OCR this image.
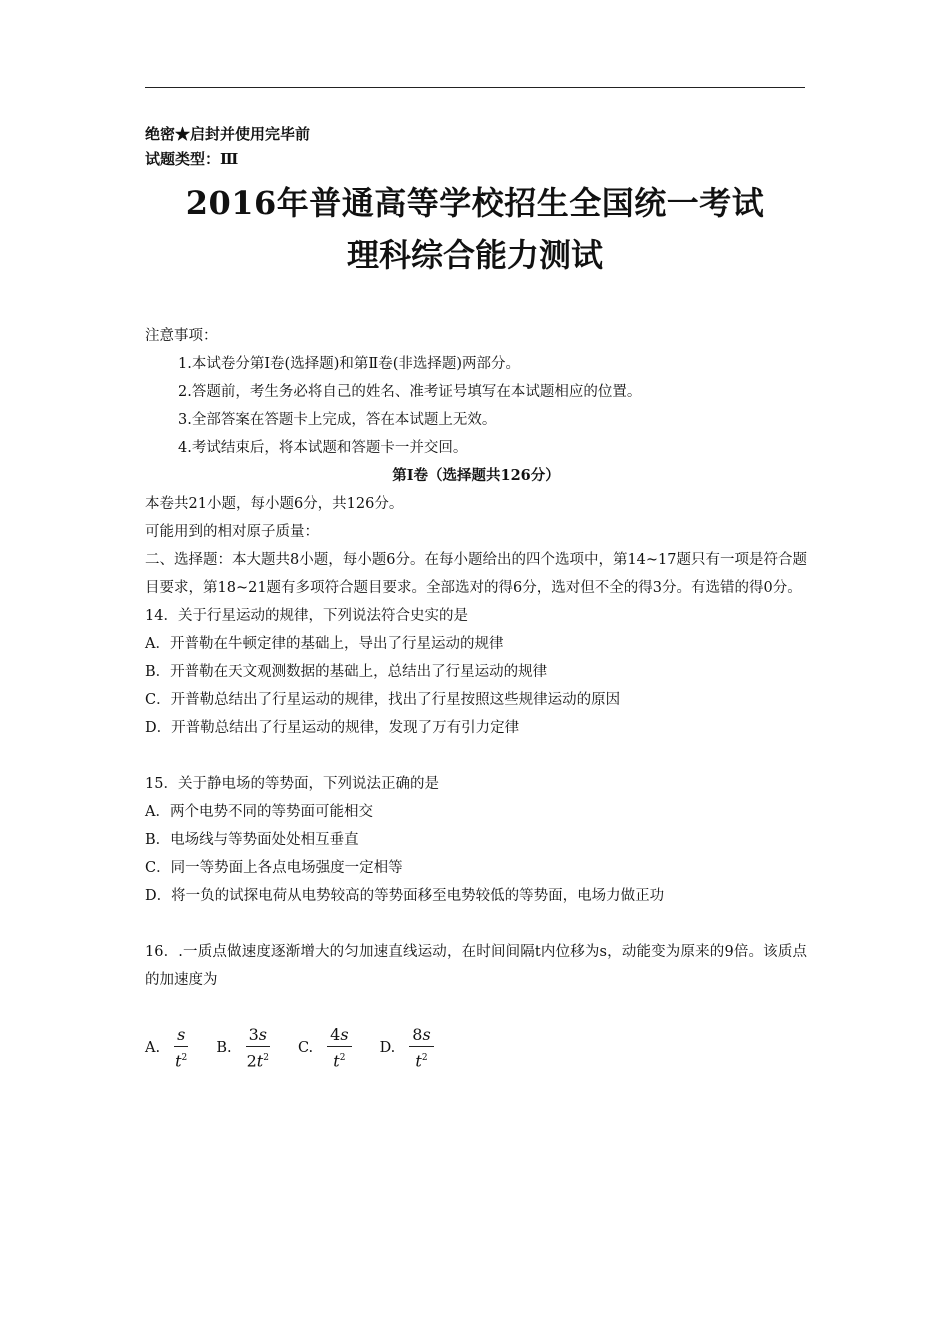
绝密★启封并使用完毕前
试题类型：Ⅲ
2016年普通高等学校招生全国统一考试
理科综合能力测试

注意事项：

1.本试卷分第Ⅰ卷(选择题)和第Ⅱ卷(非选择题)两部分。

2.答题前，考生务必将自己的姓名、准考证号填写在本试题相应的位置。

3.全部答案在答题卡上完成，答在本试题上无效。

4.考试结束后，将本试题和答题卡一并交回。

第Ⅰ卷（选择题共126分）

本卷共21小题，每小题6分，共126分。

可能用到的相对原子质量：

二、选择题：本大题共8小题，每小题6分。在每小题给出的四个选项中，第14~17题只有一项是符合题目要求，第18~21题有多项符合题目要求。全部选对的得6分，选对但不全的得3分。有选错的得0分。

14．关于行星运动的规律，下列说法符合史实的是

A．开普勒在牛顿定律的基础上，导出了行星运动的规律

B．开普勒在天文观测数据的基础上，总结出了行星运动的规律

C．开普勒总结出了行星运动的规律，找出了行星按照这些规律运动的原因

D．开普勒总结出了行星运动的规律，发现了万有引力定律

15．关于静电场的等势面，下列说法正确的是

A．两个电势不同的等势面可能相交

B．电场线与等势面处处相互垂直

C．同一等势面上各点电场强度一定相等

D．将一负的试探电荷从电势较高的等势面移至电势较低的等势面，电场力做正功

16．.一质点做速度逐渐增大的匀加速直线运动，在时间间隔t内位移为s，动能变为原来的9倍。该质点的加速度为

A. $\frac{s}{t^2} B$. $\frac{3s}{2t^2} C$. $\frac{4s}{t^2} D$. $\frac{8s}{t^2}$
